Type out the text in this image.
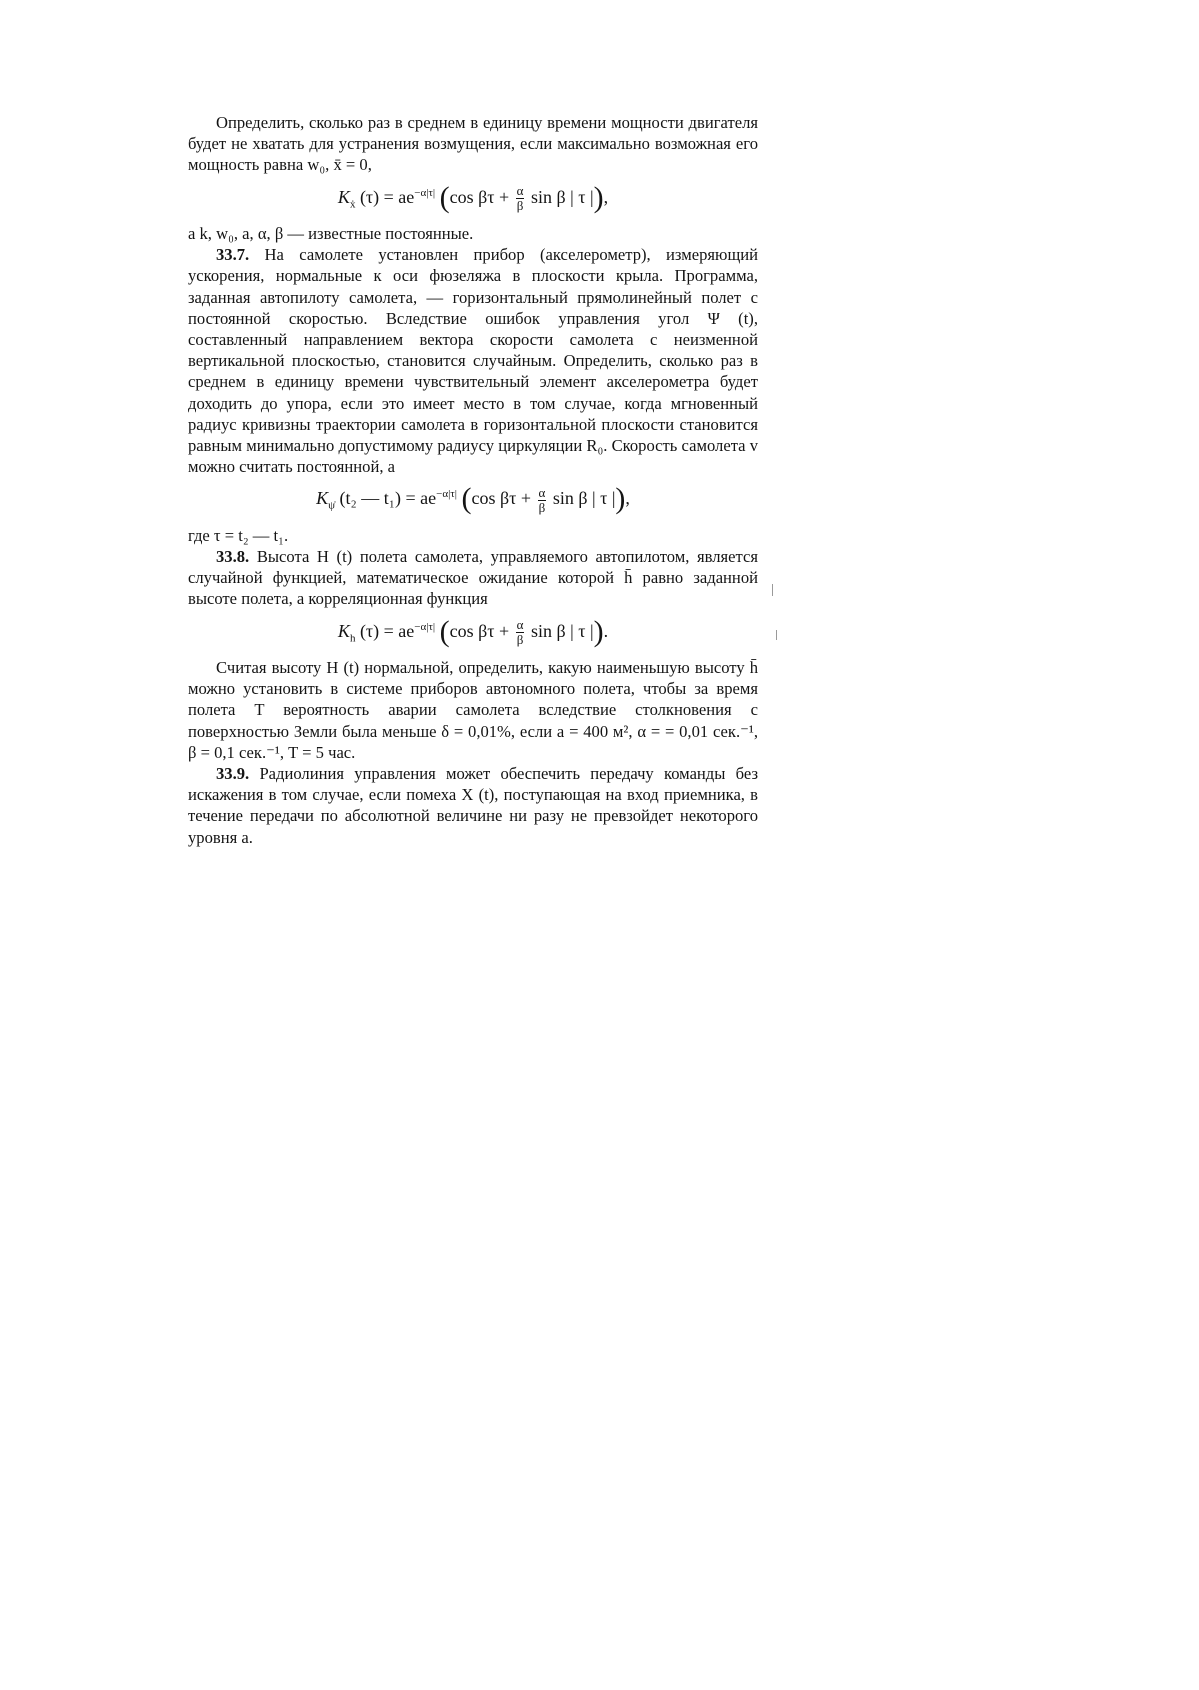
Определить, сколько раз в среднем в единицу времени мощности двигателя будет не хватать для устранения возмущения, если максимально возможная его мощность равна w₀, x̄ = 0,

$K_ẋ$ $(\tau) = ae^{-\alpha|\tau|}$ (cos $\beta\tau + \frac{\alpha}{\beta}$ sin β | τ |),

a k, w₀, a, α, β — известные постоянные.

33.7. На самолете установлен прибор (акселерометр), измеряющий ускорения, нормальные к оси фюзеляжа в плоскости крыла. Программа, заданная автопилоту самолета, — горизонтальный прямолинейный полет с постоянной скоростью. Вследствие ошибок управления угол Ψ (t), составленный направлением вектора скорости самолета с неизменной вертикальной плоскостью, становится случайным. Определить, сколько раз в среднем в единицу времени чувствительный элемент акселерометра будет доходить до упора, если это имеет место в том случае, когда мгновенный радиус кривизны траектории самолета в горизонтальной плоскости становится равным минимально допустимому радиусу циркуляции R₀. Скорость самолета v можно считать постоянной, а

$K_{\psi̇}$ (t₂ — $t_1) = ae^{-\alpha|\tau|}$ (cos $\beta\tau + \frac{\alpha}{\beta}$ sin β | τ |),

где τ = t₂ — t₁.

33.8. Высота H (t) полета самолета, управляемого автопилотом, является случайной функцией, математическое ожидание которой h̄ равно заданной высоте полета, а корреляционная функция

$K_h$ $(\tau) = ae^{-\alpha|\tau|}$ (cos $\beta\tau + \frac{\alpha}{\beta}$ sin β | τ |).

Считая высоту H (t) нормальной, определить, какую наименьшую высоту h̄ можно установить в системе приборов автономного полета, чтобы за время полета T вероятность аварии самолета вследствие столкновения с поверхностью Земли была меньше δ = 0,01%, если a = 400 м², α = = 0,01 сек.⁻¹, β = 0,1 сек.⁻¹, T = 5 час.

33.9. Радиолиния управления может обеспечить передачу команды без искажения в том случае, если помеха X (t), поступающая на вход приемника, в течение передачи по абсолютной величине ни разу не превзойдет некоторого уровня a.
